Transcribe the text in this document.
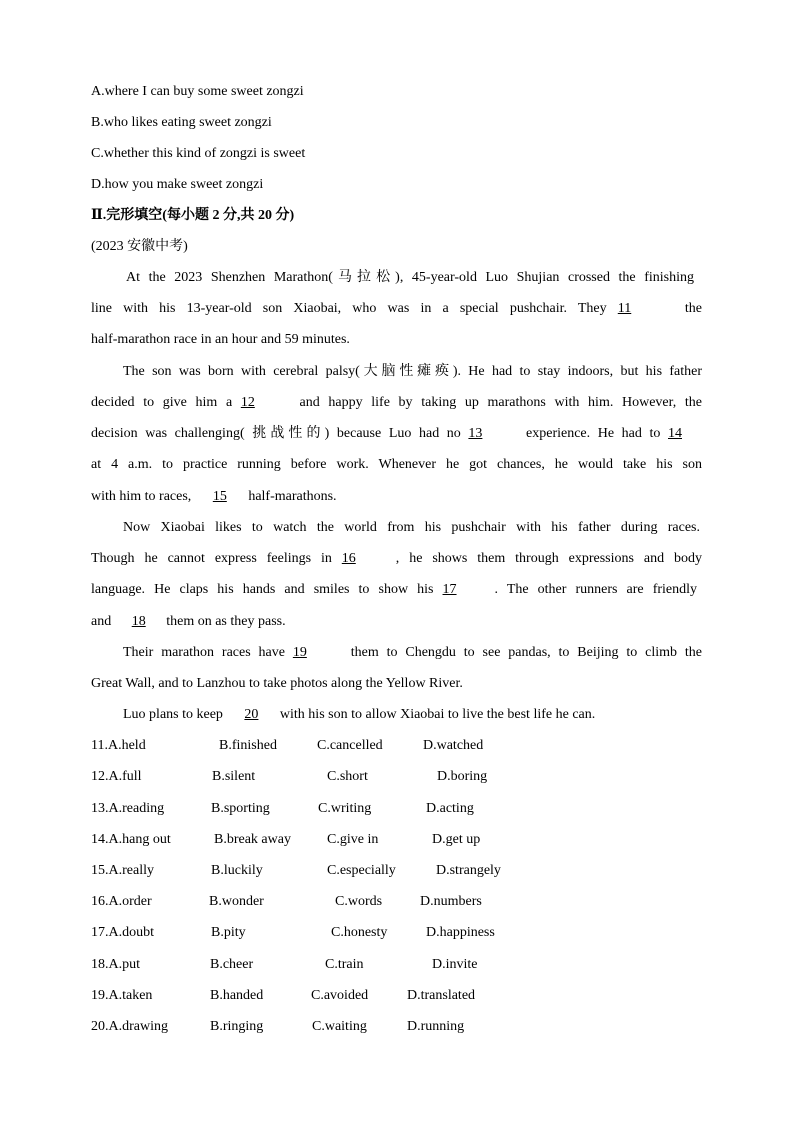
A.where I can buy some sweet zongzi
B.who likes eating sweet zongzi
C.whether this kind of zongzi is sweet
D.how you make sweet zongzi
Ⅱ.完形填空(每小题 2 分,共 20 分)
(2023 安徽中考)
At the 2023 Shenzhen Marathon(马拉松), 45-year-old Luo Shujian crossed the finishing
line with his 13-year-old son Xiaobai, who was in a special pushchair. They 11	the
half-marathon race in an hour and 59 minutes.
The son was born with cerebral palsy(大脑性瘫痪). He had to stay indoors, but his father
decided to give him a 12	and happy life by taking up marathons with him. However, the
decision was challenging( 挑战性的) because Luo had no 13	experience. He had to 14
at 4 a.m. to practice running before work. Whenever he got chances, he would take his son
with him to races, 15 half-marathons.
Now Xiaobai likes to watch the world from his pushchair with his father during races.
Though he cannot express feelings in 16	, he shows them through expressions and body
language. He claps his hands and smiles to show his 17	. The other runners are friendly
and 18 them on as they pass.
Their marathon races have 19	them to Chengdu to see pandas, to Beijing to climb the
Great Wall, and to Lanzhou to take photos along the Yellow River.
Luo plans to keep 20 with his son to allow Xiaobai to live the best life he can.
11.A.held	B.finished	C.cancelled	D.watched
12.A.full	B.silent	C.short	D.boring
13.A.reading	B.sporting	C.writing	D.acting
14.A.hang out	B.break away	C.give in	D.get up
15.A.really	B.luckily	C.especially	D.strangely
16.A.order	B.wonder	C.words	D.numbers
17.A.doubt	B.pity	C.honesty	D.happiness
18.A.put	B.cheer	C.train	D.invite
19.A.taken	B.handed	C.avoided	D.translated
20.A.drawing	B.ringing	C.waiting	D.running
